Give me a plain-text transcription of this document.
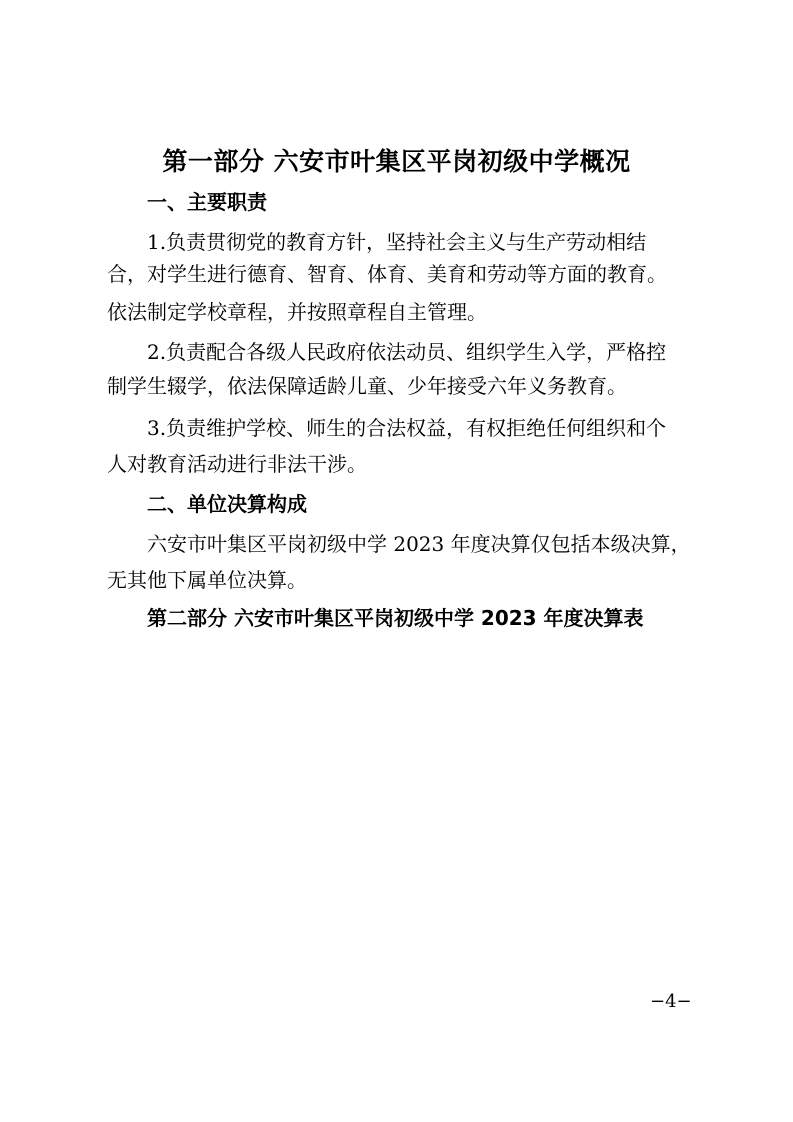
第一部分 六安市叶集区平岗初级中学概况
一、主要职责
1.负责贯彻党的教育方针，坚持社会主义与生产劳动相结
合，对学生进行德育、智育、体育、美育和劳动等方面的教育。
依法制定学校章程，并按照章程自主管理。
2.负责配合各级人民政府依法动员、组织学生入学，严格控
制学生辍学，依法保障适龄儿童、少年接受六年义务教育。
3.负责维护学校、师生的合法权益，有权拒绝任何组织和个
人对教育活动进行非法干涉。
二、单位决算构成
六安市叶集区平岗初级中学 2023 年度决算仅包括本级决算，
无其他下属单位决算。
第二部分 六安市叶集区平岗初级中学 2023 年度决算表
−4−
